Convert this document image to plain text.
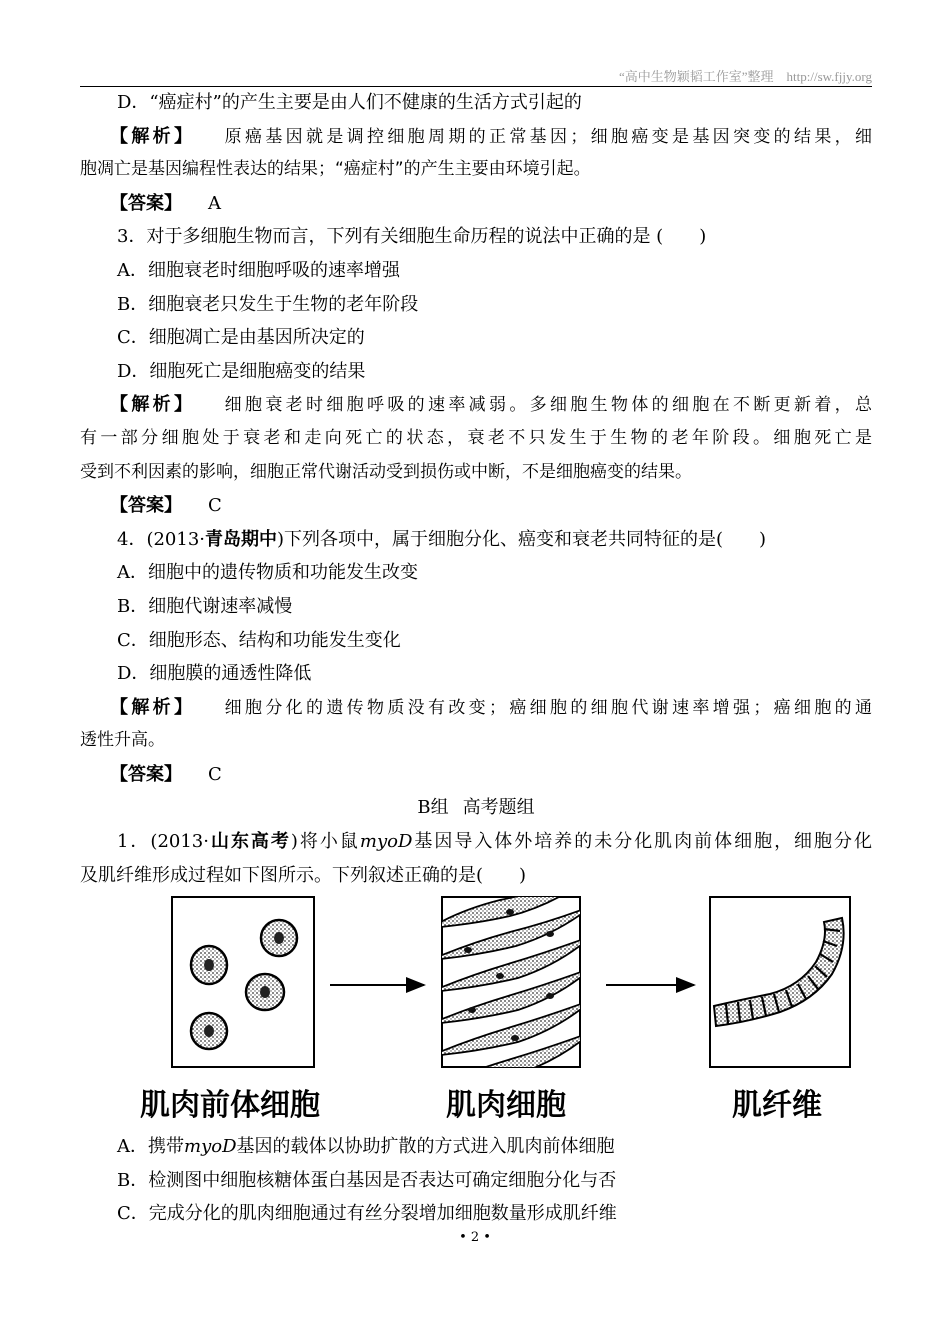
“高中生物颖韬工作室”整理　http://sw.fjjy.org
D．“癌症村”的产生主要是由人们不健康的生活方式引起的
【解析】 原癌基因就是调控细胞周期的正常基因；细胞癌变是基因突变的结果，细
胞凋亡是基因编程性表达的结果；“癌症村”的产生主要由环境引起。
【答案】 A
3．对于多细胞生物而言，下列有关细胞生命历程的说法中正确的是 (　　)
A．细胞衰老时细胞呼吸的速率增强
B．细胞衰老只发生于生物的老年阶段
C．细胞凋亡是由基因所决定的
D．细胞死亡是细胞癌变的结果
【解析】 细胞衰老时细胞呼吸的速率减弱。多细胞生物体的细胞在不断更新着，总
有一部分细胞处于衰老和走向死亡的状态，衰老不只发生于生物的老年阶段。细胞死亡是
受到不利因素的影响，细胞正常代谢活动受到损伤或中断，不是细胞癌变的结果。
【答案】 C
4．(2013·青岛期中)下列各项中，属于细胞分化、癌变和衰老共同特征的是(　　)
A．细胞中的遗传物质和功能发生改变
B．细胞代谢速率减慢
C．细胞形态、结构和功能发生变化
D．细胞膜的通透性降低
【解析】 细胞分化的遗传物质没有改变；癌细胞的细胞代谢速率增强；癌细胞的通
透性升高。
【答案】 C
B组 高考题组
1．(2013·山东高考)将小鼠myoD基因导入体外培养的未分化肌肉前体细胞，细胞分化
及肌纤维形成过程如下图所示。下列叙述正确的是(　　)
肌肉前体细胞	肌肉细胞	肌纤维
A．携带myoD基因的载体以协助扩散的方式进入肌肉前体细胞
B．检测图中细胞核糖体蛋白基因是否表达可确定细胞分化与否
C．完成分化的肌肉细胞通过有丝分裂增加细胞数量形成肌纤维
• 2 •
